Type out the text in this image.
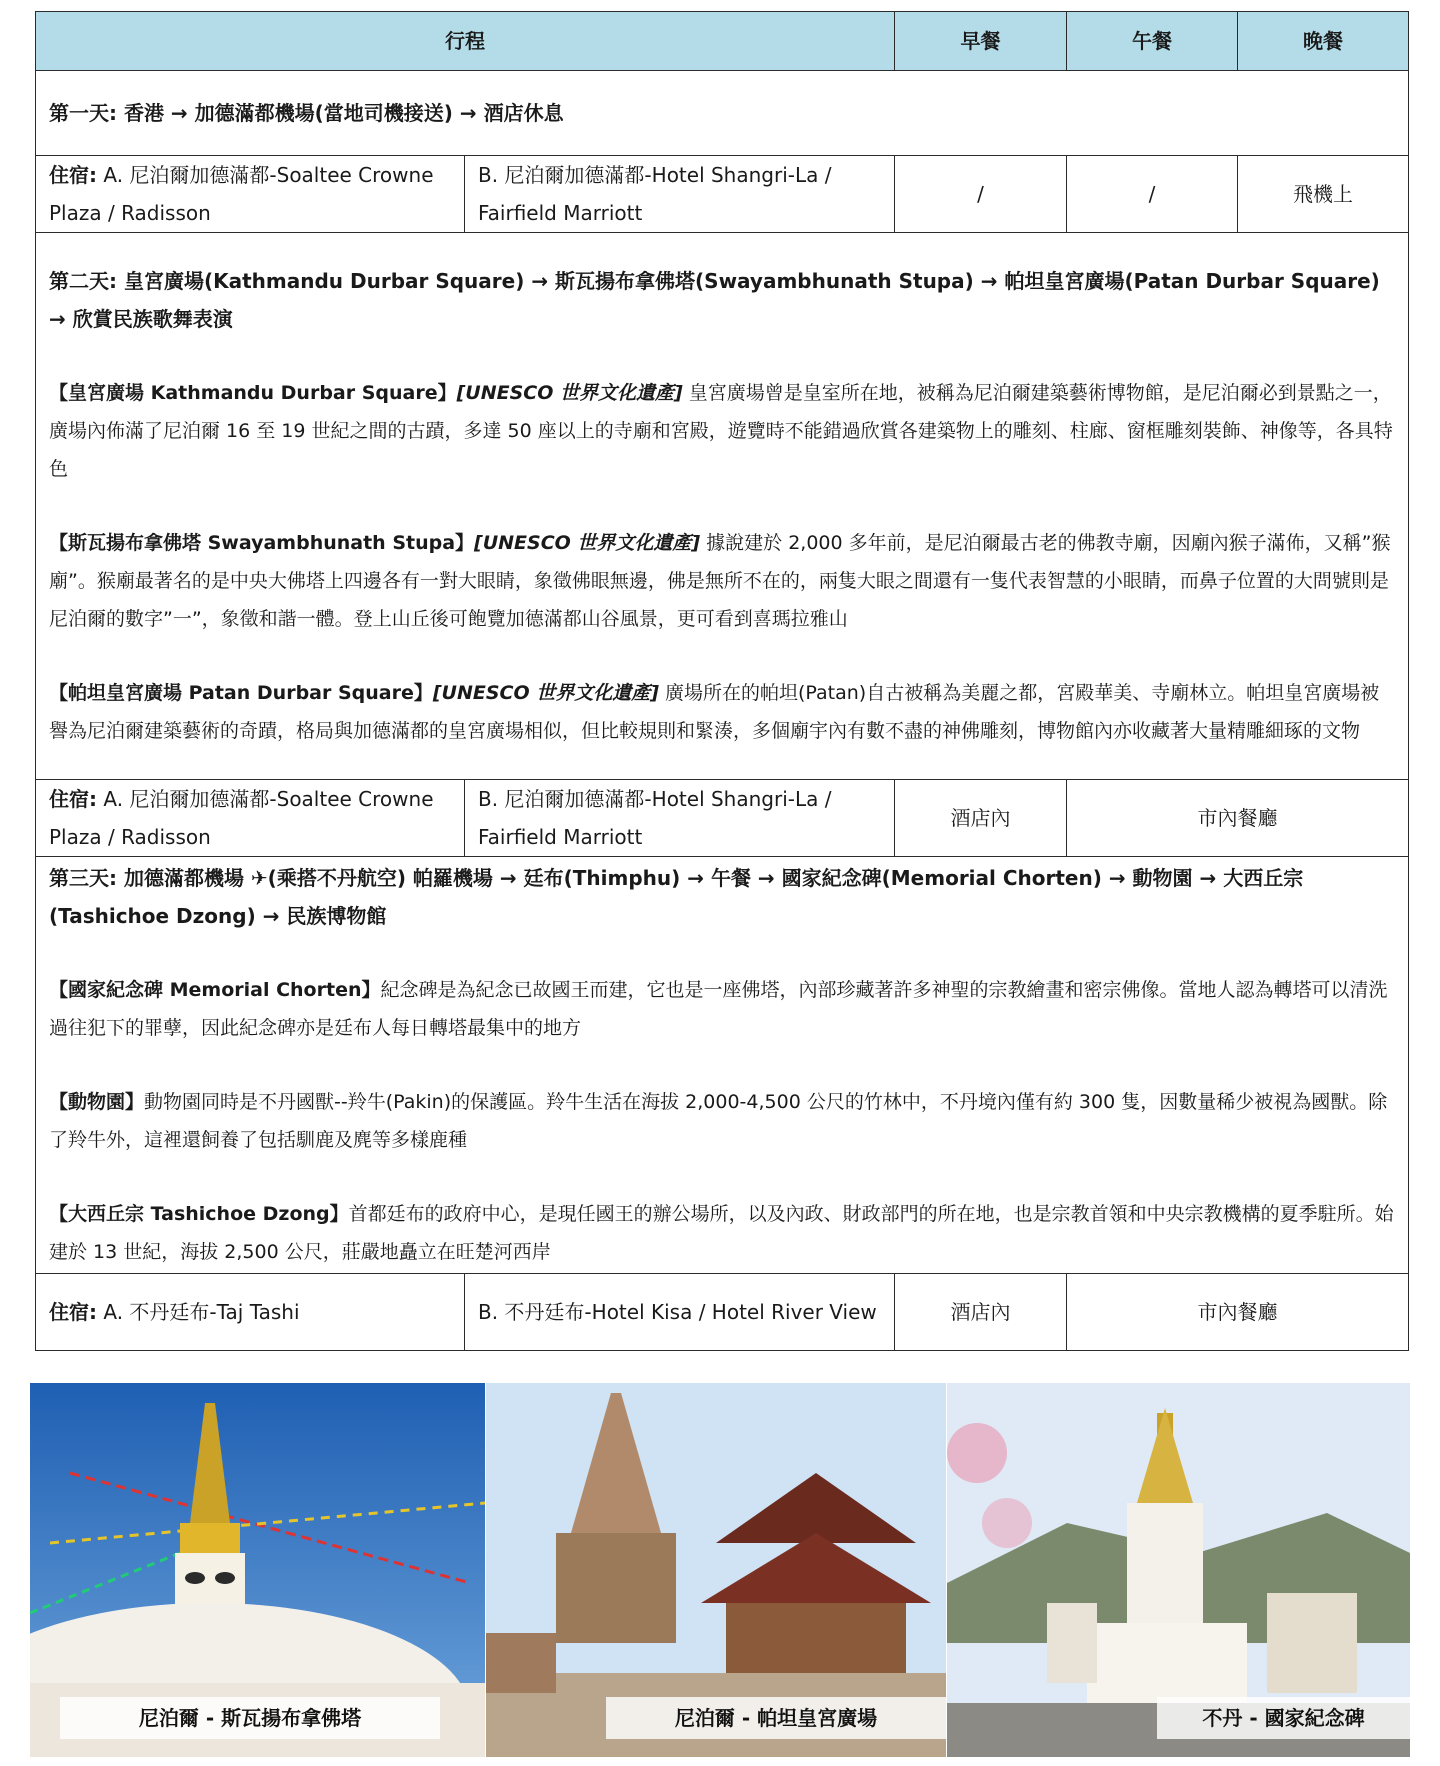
行程		早餐	午餐	晚餐

第一天: 香港 → 加德滿都機場(當地司機接送) → 酒店休息				

住宿: A. 尼泊爾加德滿都-Soaltee Crowne Plaza / Radisson	B. 尼泊爾加德滿都-Hotel Shangri-La / Fairfield Marriott	/	/	飛機上

第二天: 皇宮廣場(Kathmandu Durbar Square) → 斯瓦揚布拿佛塔(Swayambhunath Stupa) → 帕坦皇宮廣場(Patan Durbar Square) → 欣賞民族歌舞表演
【皇宮廣場 Kathmandu Durbar Square】[UNESCO 世界文化遺產] 皇宮廣場曾是皇室所在地，被稱為尼泊爾建築藝術博物館，是尼泊爾必到景點之一，廣場內佈滿了尼泊爾 16 至 19 世紀之間的古蹟，多達 50 座以上的寺廟和宮殿，遊覽時不能錯過欣賞各建築物上的雕刻、柱廊、窗框雕刻裝飾、神像等，各具特色
【斯瓦揚布拿佛塔 Swayambhunath Stupa】[UNESCO 世界文化遺產] 據說建於 2,000 多年前，是尼泊爾最古老的佛教寺廟，因廟內猴子滿佈，又稱”猴廟”。猴廟最著名的是中央大佛塔上四邊各有一對大眼睛，象徵佛眼無邊，佛是無所不在的，兩隻大眼之間還有一隻代表智慧的小眼睛，而鼻子位置的大問號則是尼泊爾的數字”一”，象徵和諧一體。登上山丘後可飽覽加德滿都山谷風景，更可看到喜瑪拉雅山
【帕坦皇宮廣場 Patan Durbar Square】[UNESCO 世界文化遺產] 廣場所在的帕坦(Patan)自古被稱為美麗之都，宮殿華美、寺廟林立。帕坦皇宮廣場被譽為尼泊爾建築藝術的奇蹟，格局與加德滿都的皇宮廣場相似，但比較規則和緊湊，多個廟宇內有數不盡的神佛雕刻，博物館內亦收藏著大量精雕細琢的文物				

住宿: A. 尼泊爾加德滿都-Soaltee Crowne Plaza / Radisson	B. 尼泊爾加德滿都-Hotel Shangri-La / Fairfield Marriott	酒店內	市內餐廳	

第三天: 加德滿都機場 ✈(乘搭不丹航空) 帕羅機場 → 廷布(Thimphu) → 午餐 → 國家紀念碑(Memorial Chorten) → 動物園 → 大西丘宗(Tashichoe Dzong) → 民族博物館
【國家紀念碑 Memorial Chorten】紀念碑是為紀念已故國王而建，它也是一座佛塔，內部珍藏著許多神聖的宗教繪畫和密宗佛像。當地人認為轉塔可以清洗過往犯下的罪孽，因此紀念碑亦是廷布人每日轉塔最集中的地方
【動物園】動物園同時是不丹國獸--羚牛(Pakin)的保護區。羚牛生活在海拔 2,000-4,500 公尺的竹林中，不丹境內僅有約 300 隻，因數量稀少被視為國獸。除了羚牛外，這裡還飼養了包括馴鹿及麂等多樣鹿種
【大西丘宗 Tashichoe Dzong】首都廷布的政府中心，是現任國王的辦公場所，以及內政、財政部門的所在地，也是宗教首領和中央宗教機構的夏季駐所。始建於 13 世紀，海拔 2,500 公尺，莊嚴地矗立在旺楚河西岸				

住宿: A. 不丹廷布-Taj Tashi	B. 不丹廷布-Hotel Kisa / Hotel River View	酒店內	市內餐廳	
尼泊爾 - 斯瓦揚布拿佛塔	尼泊爾 - 帕坦皇宮廣場	不丹 - 國家紀念碑
